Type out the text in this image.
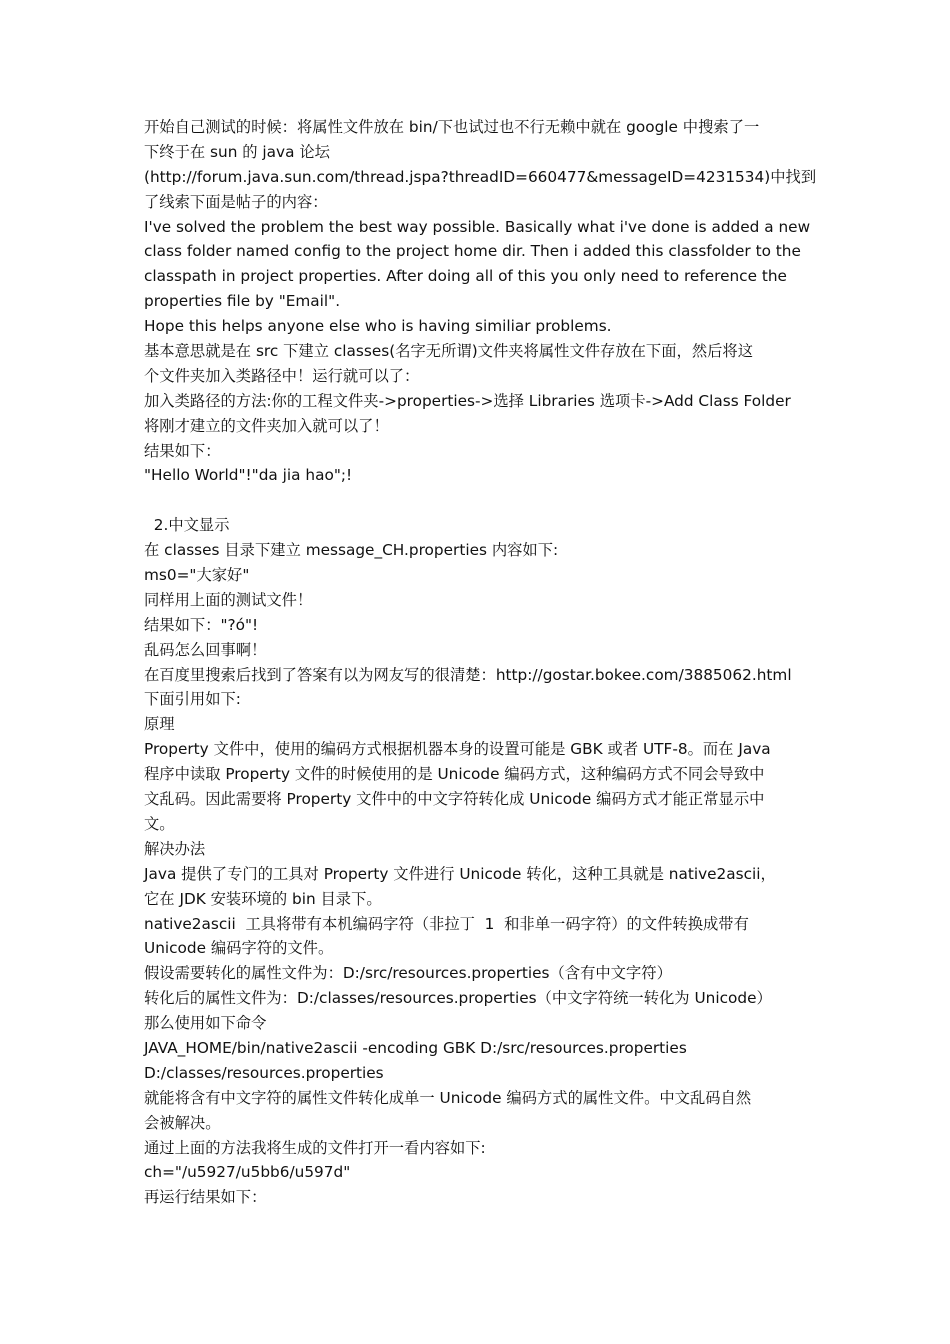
开始自己测试的时候：将属性文件放在 bin/下也试过也不行无赖中就在 google 中搜索了一
下终于在 sun 的 java 论坛
(http://forum.java.sun.com/thread.jspa?threadID=660477&messageID=4231534)中找到
了线索下面是帖子的内容：
I've solved the problem the best way possible. Basically what i've done is added a new
class folder named config to the project home dir. Then i added this classfolder to the
classpath in project properties. After doing all of this you only need to reference the
properties file by "Email".
Hope this helps anyone else who is having similiar problems.
基本意思就是在 src 下建立 classes(名字无所谓)文件夹将属性文件存放在下面，然后将这
个文件夹加入类路径中！运行就可以了：
加入类路径的方法:你的工程文件夹->properties->选择 Libraries 选项卡->Add Class Folder
将刚才建立的文件夹加入就可以了！
结果如下：
"Hello World"!"da jia hao";!
2.中文显示
在 classes 目录下建立 message_CH.properties 内容如下:
ms0="大家好"
同样用上面的测试文件！
结果如下："?ó"!
乱码怎么回事啊！
在百度里搜索后找到了答案有以为网友写的很清楚：http://gostar.bokee.com/3885062.html
下面引用如下:
原理
Property 文件中，使用的编码方式根据机器本身的设置可能是 GBK 或者 UTF-8。而在 Java
程序中读取 Property 文件的时候使用的是 Unicode 编码方式，这种编码方式不同会导致中
文乱码。因此需要将 Property 文件中的中文字符转化成 Unicode 编码方式才能正常显示中
文。
解决办法
Java 提供了专门的工具对 Property 文件进行 Unicode 转化，这种工具就是 native2ascii，
它在 JDK 安装环境的 bin 目录下。
native2ascii  工具将带有本机编码字符（非拉丁  1  和非单一码字符）的文件转换成带有
Unicode 编码字符的文件。
假设需要转化的属性文件为：D:/src/resources.properties（含有中文字符）
转化后的属性文件为：D:/classes/resources.properties（中文字符统一转化为 Unicode）
那么使用如下命令
JAVA_HOME/bin/native2ascii -encoding GBK D:/src/resources.properties
D:/classes/resources.properties
就能将含有中文字符的属性文件转化成单一 Unicode 编码方式的属性文件。中文乱码自然
会被解决。
通过上面的方法我将生成的文件打开一看内容如下:
ch="/u5927/u5bb6/u597d"
再运行结果如下：
